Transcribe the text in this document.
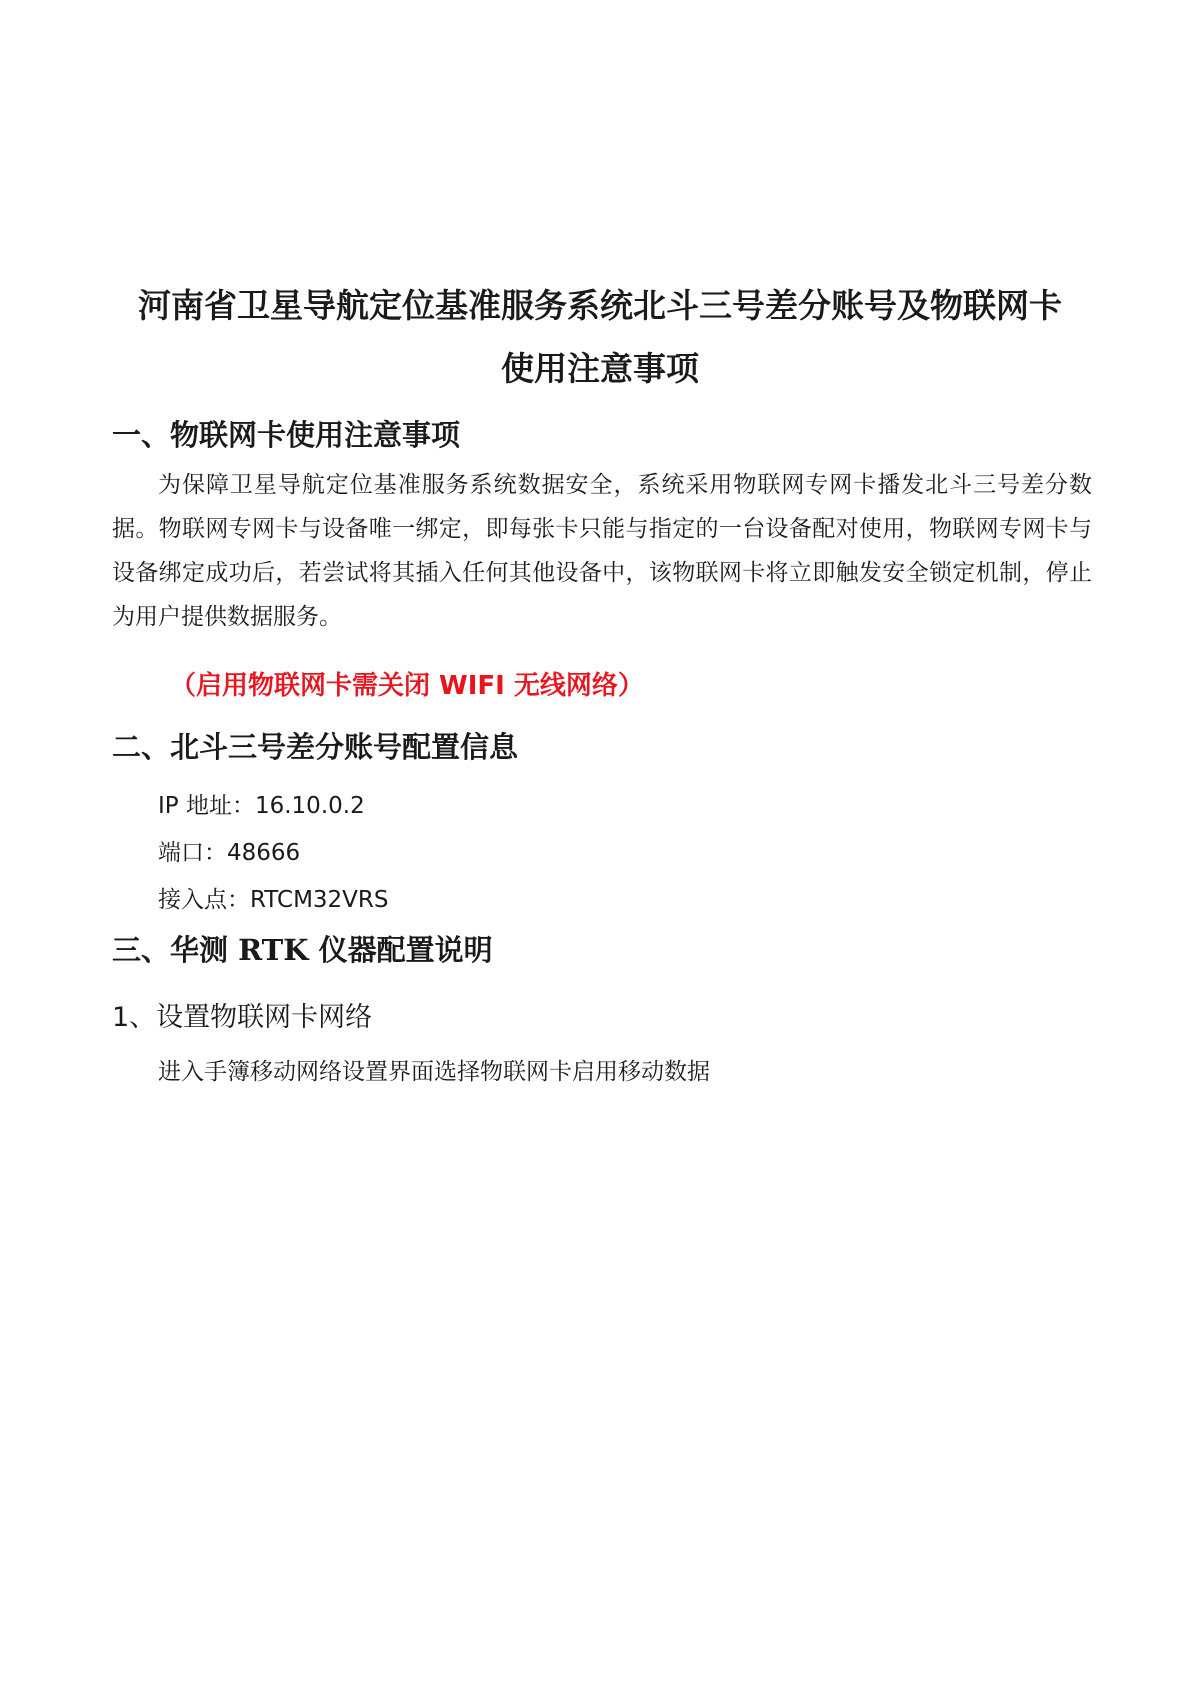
河南省卫星导航定位基准服务系统北斗三号差分账号及物联网卡
使用注意事项
一、物联网卡使用注意事项
为保障卫星导航定位基准服务系统数据安全，系统采用物联网专网卡播发北斗三号差分数据。物联网专网卡与设备唯一绑定，即每张卡只能与指定的一台设备配对使用，物联网专网卡与设备绑定成功后，若尝试将其插入任何其他设备中，该物联网卡将立即触发安全锁定机制，停止为用户提供数据服务。
（启用物联网卡需关闭 WIFI 无线网络）
二、北斗三号差分账号配置信息
IP 地址：16.10.0.2
端口：48666
接入点：RTCM32VRS
三、华测 RTK 仪器配置说明
1、设置物联网卡网络
进入手簿移动网络设置界面选择物联网卡启用移动数据
